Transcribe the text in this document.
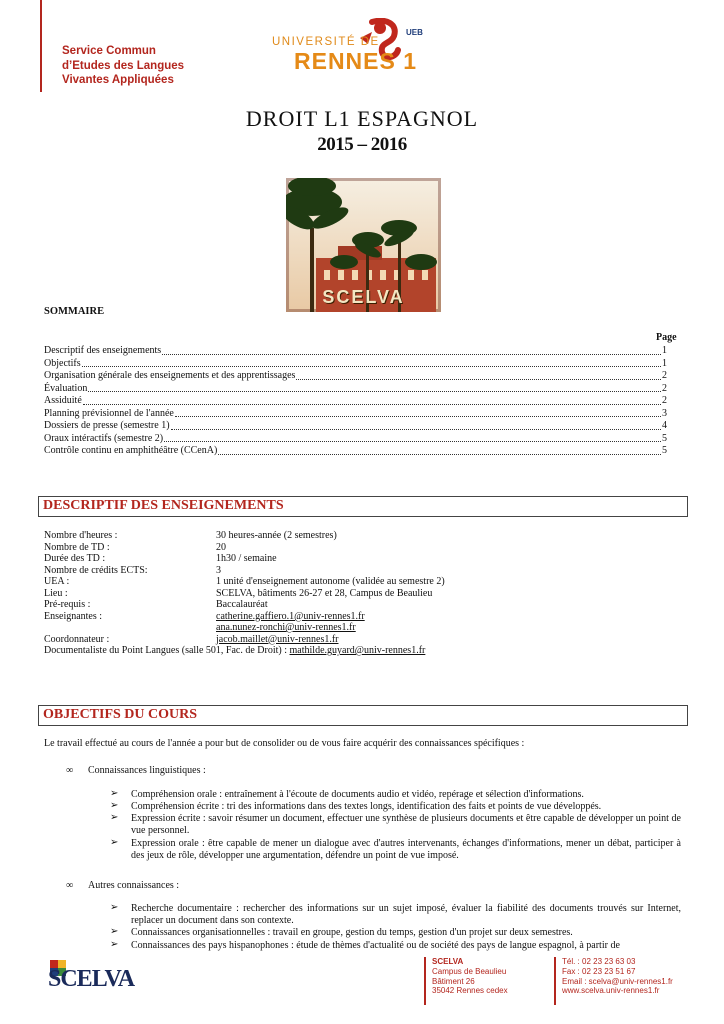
Service Commun
d’Etudes des Langues
Vivantes Appliquées
UNIVERSITÉ DE
RENNES 1
UEB
DROIT L1 ESPAGNOL
2015 – 2016
SCELVA
SOMMAIRE
Page
Descriptif des enseignements	1
Objectifs	1
Organisation générale des enseignements et des apprentissages	2
Évaluation	2
Assiduité	2
Planning prévisionnel de l'année	3
Dossiers de presse (semestre 1)	4
Oraux intéractifs (semestre 2)	5
Contrôle continu en amphithéâtre (CCenA)	5
DESCRIPTIF DES ENSEIGNEMENTS
Nombre d'heures :	30 heures-année (2 semestres)
Nombre de TD :	20
Durée des TD :	1h30 / semaine
Nombre de crédits ECTS:	3
UEA :	1 unité d'enseignement autonome (validée au semestre 2)
Lieu :	SCELVA, bâtiments 26-27 et 28, Campus de Beaulieu
Pré-requis :	Baccalauréat
Enseignantes :	catherine.gaffiero.1@univ-rennes1.fr
ana.nunez-ronchi@univ-rennes1.fr
Coordonnateur :	jacob.maillet@univ-rennes1.fr
Documentaliste du Point Langues (salle 501, Fac. de Droit) : mathilde.guyard@univ-rennes1.fr
OBJECTIFS DU COURS
Le travail effectué au cours de l'année a pour but de consolider ou de vous faire acquérir des connaissances spécifiques :
∞ Connaissances linguistiques :
➢ Compréhension orale : entraînement à l'écoute de documents audio et vidéo, repérage et sélection d'informations.
➢ Compréhension écrite : tri des informations dans des textes longs, identification des faits et points de vue développés.
➢ Expression écrite : savoir résumer un document, effectuer une synthèse de plusieurs documents et être capable de développer un point de vue personnel.
➢ Expression orale : être capable de mener un dialogue avec d'autres intervenants, échanges d'informations, mener un débat, participer à des jeux de rôle, développer une argumentation, défendre un point de vue imposé.
∞ Autres connaissances :
➢ Recherche documentaire : rechercher des informations sur un sujet imposé, évaluer la fiabilité des documents trouvés sur Internet, replacer un document dans son contexte.
➢ Connaissances organisationnelles : travail en groupe, gestion du temps, gestion d'un projet sur deux semestres.
➢ Connaissances des pays hispanophones : étude de thèmes d'actualité ou de société des pays de langue espagnol, à partir de
SCELVA
SCELVA
Campus de Beaulieu
Bâtiment 26
35042 Rennes cedex
Tél. : 02 23 23 63 03
Fax : 02 23 23 51 67
Email : scelva@univ-rennes1.fr
www.scelva.univ-rennes1.fr
